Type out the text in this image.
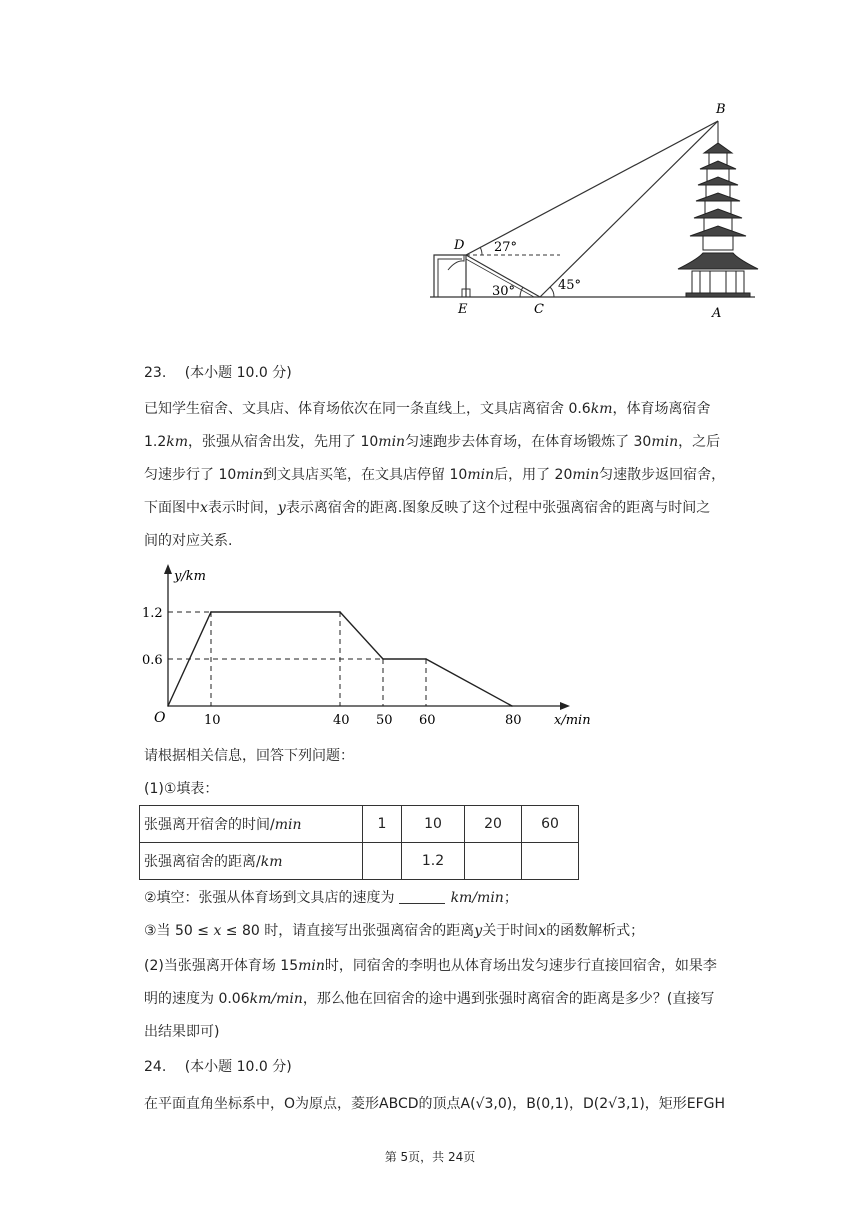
B
D
E	C	A
27°
30°	45°
23. (本小题 10.0 分)
已知学生宿舍、文具店、体育场依次在同一条直线上，文具店离宿舍 0.6km，体育场离宿舍
1.2km，张强从宿舍出发，先用了 10min匀速跑步去体育场，在体育场锻炼了 30min，之后
匀速步行了 10min到文具店买笔，在文具店停留 10min后，用了 20min匀速散步返回宿舍，
下面图中x表示时间，y表示离宿舍的距离.图象反映了这个过程中张强离宿舍的距离与时间之
间的对应关系.
y/km
x/min
O
0.6
1.2
10	40 50 60	80
请根据相关信息，回答下列问题：
(1)①填表：
张强离开宿舍的时间/min	1	10	20	60
张强离宿舍的距离/km		1.2		
②填空：张强从体育场到文具店的速度为	km/min；
③当 50 ≤ x ≤ 80 时，请直接写出张强离宿舍的距离y关于时间x的函数解析式；
(2)当张强离开体育场 15min时，同宿舍的李明也从体育场出发匀速步行直接回宿舍，如果李
明的速度为 0.06km/min，那么他在回宿舍的途中遇到张强时离宿舍的距离是多少？(直接写
出结果即可)
24. (本小题 10.0 分)
在平面直角坐标系中，O为原点，菱形ABCD的顶点A(√3,0)，B(0,1)，D(2√3,1)，矩形EFGH
第 5页，共 24页
